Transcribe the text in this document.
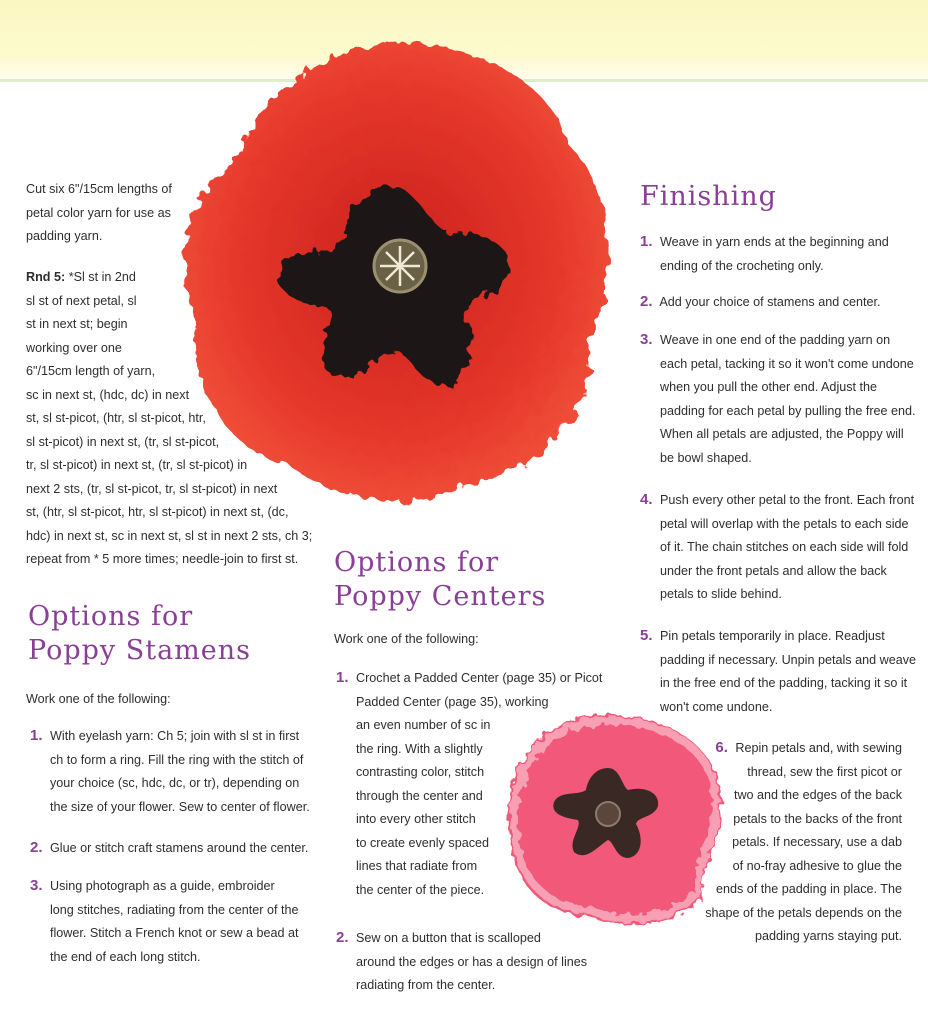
Cut six 6"/15cm lengths of petal color yarn for use as padding yarn.
Rnd 5: *Sl st in 2nd
sl st of next petal, sl
st in next st; begin
working over one
6"/15cm length of yarn,
sc in next st, (hdc, dc) in next
st, sl st-picot, (htr, sl st-picot, htr,
sl st-picot) in next st, (tr, sl st-picot,
tr, sl st-picot) in next st, (tr, sl st-picot) in
next 2 sts, (tr, sl st-picot, tr, sl st-picot) in next
st, (htr, sl st-picot, htr, sl st-picot) in next st, (dc,
hdc) in next st, sc in next st, sl st in next 2 sts, ch 3;
repeat from * 5 more times; needle-join to first st.
Options for
Poppy Stamens
Work one of the following:
1. With eyelash yarn: Ch 5; join with sl st in first
ch to form a ring. Fill the ring with the stitch of
your choice (sc, hdc, dc, or tr), depending on
the size of your flower. Sew to center of flower.
2. Glue or stitch craft stamens around the center.
3. Using photograph as a guide, embroider
long stitches, radiating from the center of the
flower. Stitch a French knot or sew a bead at
the end of each long stitch.
Options for
Poppy Centers
Work one of the following:
1. Crochet a Padded Center (page 35) or Picot
Padded Center (page 35), working
an even number of sc in
the ring. With a slightly
contrasting color, stitch
through the center and
into every other stitch
to create evenly spaced
lines that radiate from
the center of the piece.
2. Sew on a button that is scalloped
around the edges or has a design of lines
radiating from the center.
Finishing
1. Weave in yarn ends at the beginning and
ending of the crocheting only.
2. Add your choice of stamens and center.
3. Weave in one end of the padding yarn on
each petal, tacking it so it won't come undone
when you pull the other end. Adjust the
padding for each petal by pulling the free end.
When all petals are adjusted, the Poppy will
be bowl shaped.
4. Push every other petal to the front. Each front
petal will overlap with the petals to each side
of it. The chain stitches on each side will fold
under the front petals and allow the back
petals to slide behind.
5. Pin petals temporarily in place. Readjust
padding if necessary. Unpin petals and weave
in the free end of the padding, tacking it so it
won't come undone.
6. Repin petals and, with sewing
thread, sew the first picot or
two and the edges of the back
petals to the backs of the front
petals. If necessary, use a dab
of no-fray adhesive to glue the
ends of the padding in place. The
shape of the petals depends on the
padding yarns staying put.
